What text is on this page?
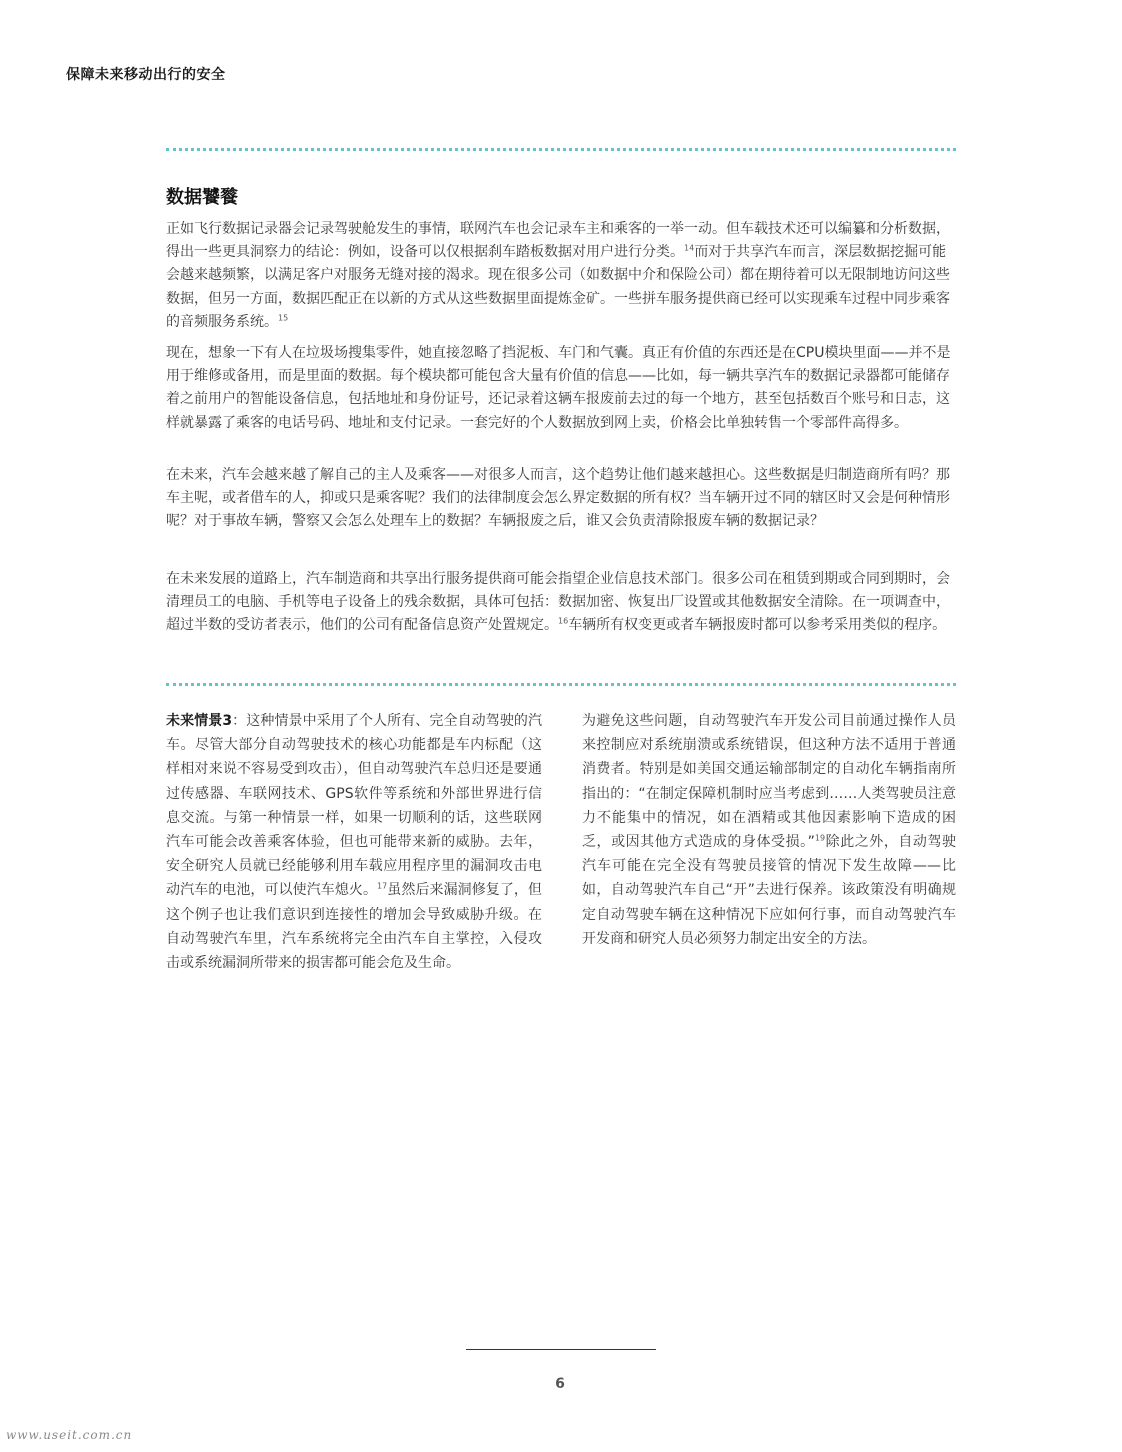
保障未来移动出行的安全
数据饕餮

正如飞行数据记录器会记录驾驶舱发生的事情，联网汽车也会记录车主和乘客的一举一动。但车载技术还可以编纂和分析数据，得出一些更具洞察力的结论：例如，设备可以仅根据刹车踏板数据对用户进行分类。$^{14}$而对于共享汽车而言，深层数据挖掘可能会越来越频繁，以满足客户对服务无缝对接的渴求。现在很多公司（如数据中介和保险公司）都在期待着可以无限制地访问这些数据，但另一方面，数据匹配正在以新的方式从这些数据里面提炼金矿。一些拼车服务提供商已经可以实现乘车过程中同步乘客的音频服务系统。$^{15}$

现在，想象一下有人在垃圾场搜集零件，她直接忽略了挡泥板、车门和气囊。真正有价值的东西还是在CPU模块里面——并不是用于维修或备用，而是里面的数据。每个模块都可能包含大量有价值的信息——比如，每一辆共享汽车的数据记录器都可能储存着之前用户的智能设备信息，包括地址和身份证号，还记录着这辆车报废前去过的每一个地方，甚至包括数百个账号和日志，这样就暴露了乘客的电话号码、地址和支付记录。一套完好的个人数据放到网上卖，价格会比单独转售一个零部件高得多。

在未来，汽车会越来越了解自己的主人及乘客——对很多人而言，这个趋势让他们越来越担心。这些数据是归制造商所有吗？那车主呢，或者借车的人，抑或只是乘客呢？我们的法律制度会怎么界定数据的所有权？当车辆开过不同的辖区时又会是何种情形呢？对于事故车辆，警察又会怎么处理车上的数据？车辆报废之后，谁又会负责清除报废车辆的数据记录？

在未来发展的道路上，汽车制造商和共享出行服务提供商可能会指望企业信息技术部门。很多公司在租赁到期或合同到期时，会清理员工的电脑、手机等电子设备上的残余数据，具体可包括：数据加密、恢复出厂设置或其他数据安全清除。在一项调查中，超过半数的受访者表示，他们的公司有配备信息资产处置规定。$^{16}$车辆所有权变更或者车辆报废时都可以参考采用类似的程序。

未来情景3：这种情景中采用了个人所有、完全自动驾驶的汽车。尽管大部分自动驾驶技术的核心功能都是车内标配（这样相对来说不容易受到攻击），但自动驾驶汽车总归还是要通过传感器、车联网技术、GPS软件等系统和外部世界进行信息交流。与第一种情景一样，如果一切顺利的话，这些联网汽车可能会改善乘客体验，但也可能带来新的威胁。去年，安全研究人员就已经能够利用车载应用程序里的漏洞攻击电动汽车的电池，可以使汽车熄火。$^{17}$虽然后来漏洞修复了，但这个例子也让我们意识到连接性的增加会导致威胁升级。在自动驾驶汽车里，汽车系统将完全由汽车自主掌控，入侵攻击或系统漏洞所带来的损害都可能会危及生命。

为避免这些问题，自动驾驶汽车开发公司目前通过操作人员来控制应对系统崩溃或系统错误，但这种方法不适用于普通消费者。特别是如美国交通运输部制定的自动化车辆指南所指出的：“在制定保障机制时应当考虑到……人类驾驶员注意力不能集中的情况，如在酒精或其他因素影响下造成的困乏，或因其他方式造成的身体受损。”$^{19}$除此之外，自动驾驶汽车可能在完全没有驾驶员接管的情况下发生故障——比如，自动驾驶汽车自己“开”去进行保养。该政策没有明确规定自动驾驶车辆在这种情况下应如何行事，而自动驾驶汽车开发商和研究人员必须努力制定出安全的方法。

6
www.useit.com.cn
